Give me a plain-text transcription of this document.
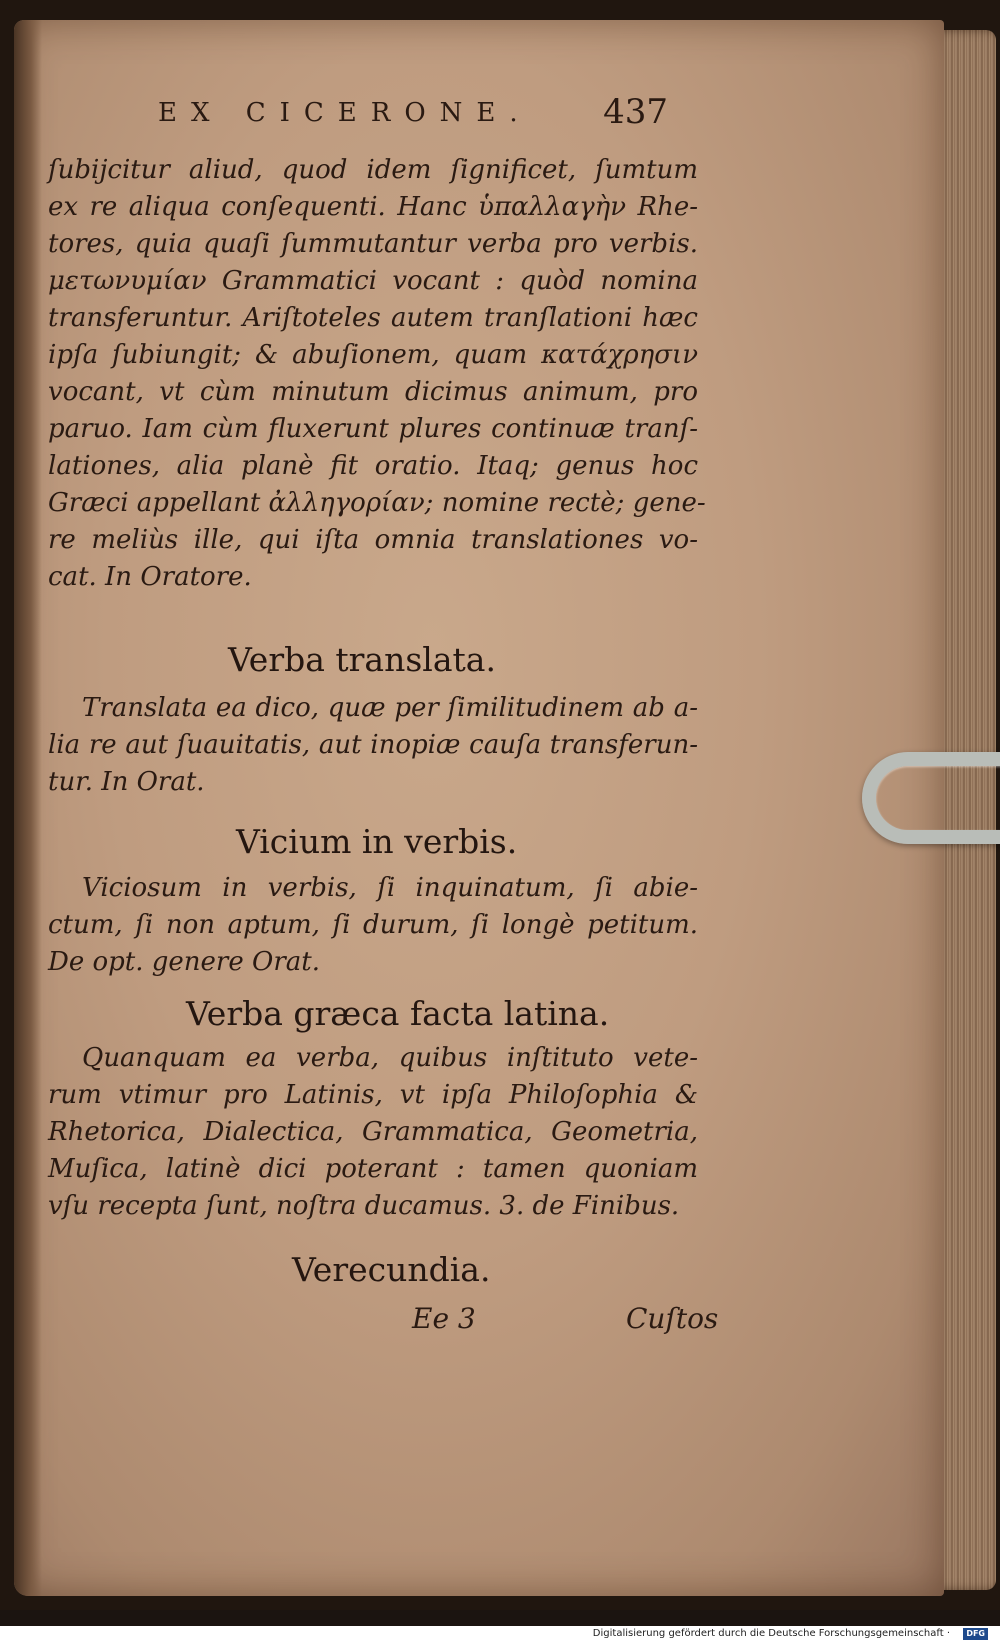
EX CICERONE. 437
ſubijcitur aliud, quod idem ſignificet, ſumtum
ex re aliqua conſequenti. Hanc ὑπαλλαγὴν Rhe-
tores, quia quaſi ſummutantur verba pro verbis.
μετωνυμίαν Grammatici vocant : quòd nomina
transferuntur. Ariſtoteles autem tranſlationi hæc
ipſa ſubiungit; & abuſionem, quam κατάχρησιν
vocant, vt cùm minutum dicimus animum, pro
paruo. Iam cùm fluxerunt plures continuæ tranſ-
lationes, alia planè fit oratio. Itaq; genus hoc
Græci appellant ἀλληγορίαν; nomine rectè; gene-
re meliùs ille, qui iſta omnia translationes vo-
cat. In Oratore.
Verba translata.
Translata ea dico, quæ per ſimilitudinem ab a-
lia re aut ſuauitatis, aut inopiæ cauſa transferun-
tur. In Orat.
Vicium in verbis.
Viciosum in verbis, ſi inquinatum, ſi abie-
ctum, ſi non aptum, ſi durum, ſi longè petitum.
De opt. genere Orat.
Verba græca facta latina.
Quanquam ea verba, quibus inſtituto vete-
rum vtimur pro Latinis, vt ipſa Philoſophia &
Rhetorica, Dialectica, Grammatica, Geometria,
Muſica, latinè dici poterant : tamen quoniam
vſu recepta ſunt, noſtra ducamus. 3. de Finibus.
Verecundia.
Ee 3	Cuſtos
Digitalisierung gefördert durch die Deutsche Forschungsgemeinschaft ·	DFG
